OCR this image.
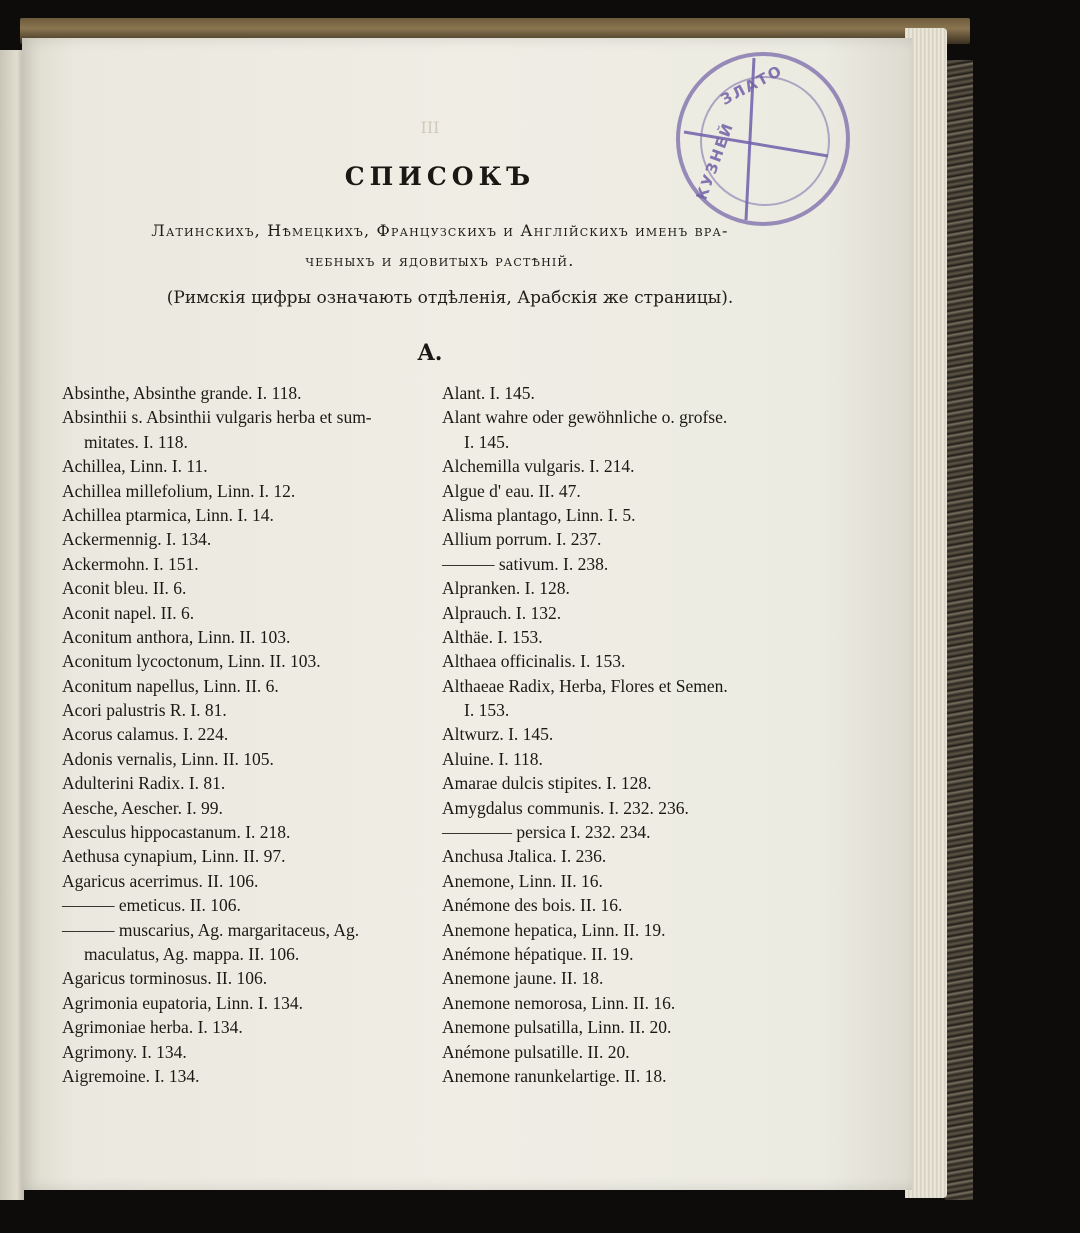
III
ЗЛАТО
КУЗНЕЙ
СПИСОКЪ
Латинскихъ, Нѣмецкихъ, Французскихъ и Англійскихъ именъ вра-
чебныхъ и ядовитыхъ растѣній.
(Римскія цифры означають отдѣленія, Арабскія же страницы).
A.
Absinthe, Absinthe grande. I. 118.
Absinthii s. Absinthii vulgaris herba et sum-
mitates. I. 118.
Achillea, Linn. I. 11.
Achillea millefolium, Linn. I. 12.
Achillea ptarmica, Linn. I. 14.
Ackermennig. I. 134.
Ackermohn. I. 151.
Aconit bleu. II. 6.
Aconit napel. II. 6.
Aconitum anthora, Linn. II. 103.
Aconitum lycoctonum, Linn. II. 103.
Aconitum napellus, Linn. II. 6.
Acori palustris R. I. 81.
Acorus calamus. I. 224.
Adonis vernalis, Linn. II. 105.
Adulterini Radix. I. 81.
Aesche, Aescher. I. 99.
Aesculus hippocastanum. I. 218.
Aethusa cynapium, Linn. II. 97.
Agaricus acerrimus. II. 106.
——— emeticus. II. 106.
——— muscarius, Ag. margaritaceus, Ag.
maculatus, Ag. mappa. II. 106.
Agaricus torminosus. II. 106.
Agrimonia eupatoria, Linn. I. 134.
Agrimoniae herba. I. 134.
Agrimony. I. 134.
Aigremoine. I. 134.
Alant. I. 145.
Alant wahre oder gewöhnliche o. grofse.
I. 145.
Alchemilla vulgaris. I. 214.
Algue d' eau. II. 47.
Alisma plantago, Linn. I. 5.
Allium porrum. I. 237.
——— sativum. I. 238.
Alpranken. I. 128.
Alprauch. I. 132.
Althäe. I. 153.
Althaea officinalis. I. 153.
Althaeae Radix, Herba, Flores et Semen.
I. 153.
Altwurz. I. 145.
Aluine. I. 118.
Amarae dulcis stipites. I. 128.
Amygdalus communis. I. 232. 236.
———— persica I. 232. 234.
Anchusa Jtalica. I. 236.
Anemone, Linn. II. 16.
Anémone des bois. II. 16.
Anemone hepatica, Linn. II. 19.
Anémone hépatique. II. 19.
Anemone jaune. II. 18.
Anemone nemorosa, Linn. II. 16.
Anemone pulsatilla, Linn. II. 20.
Anémone pulsatille. II. 20.
Anemone ranunkelartige. II. 18.
